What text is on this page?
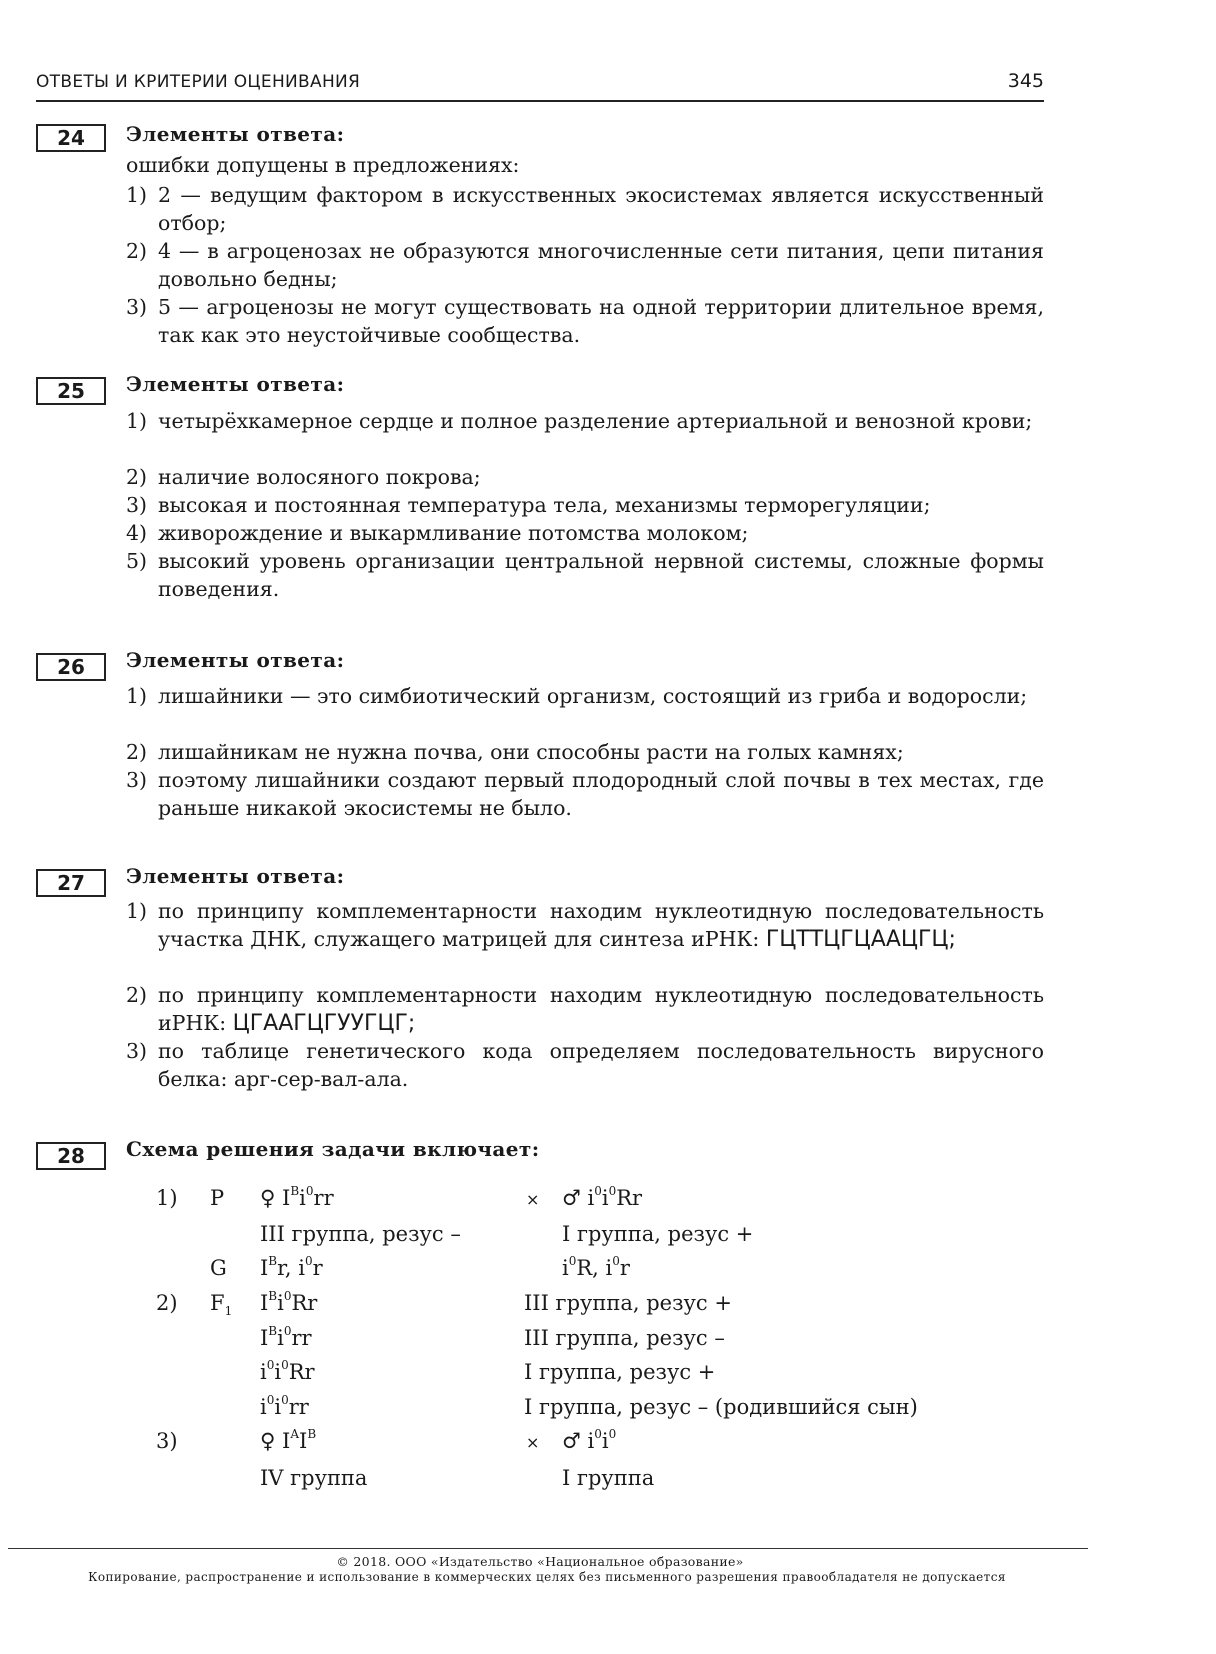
ОТВЕТЫ И КРИТЕРИИ ОЦЕНИВАНИЯ	345
24	Элементы ответа:
ошибки допущены в предложениях:
1) 2 — ведущим фактором в искусственных экосистемах является искусственный отбор;
2) 4 — в агроценозах не образуются многочисленные сети питания, цепи питания довольно бедны;
3) 5 — агроценозы не могут существовать на одной территории длительное время, так как это неустойчивые сообщества.
25	Элементы ответа:
1) четырёхкамерное сердце и полное разделение артериальной и венозной крови;
2) наличие волосяного покрова;
3) высокая и постоянная температура тела, механизмы терморегуляции;
4) живорождение и выкармливание потомства молоком;
5) высокий уровень организации центральной нервной системы, сложные формы поведения.
26	Элементы ответа:
1) лишайники — это симбиотический организм, состоящий из гриба и водоросли;
2) лишайникам не нужна почва, они способны расти на голых камнях;
3) поэтому лишайники создают первый плодородный слой почвы в тех местах, где раньше никакой экосистемы не было.
27	Элементы ответа:
1) по принципу комплементарности находим нуклеотидную последовательность участка ДНК, служащего матрицей для синтеза иРНК: ГЦТТЦГЦААЦГЦ;
2) по принципу комплементарности находим нуклеотидную последовательность иРНК: ЦГААГЦГУУГЦГ;
3) по таблице генетического кода определяем последовательность вирусного белка: арг-сер-вал-ала.
28	Схема решения задачи включает:
1) P ♀ $I^Bi^0rr$	× ♂ $i^0i^0Rr$
III группа, резус –	I группа, резус +
G $I^Br$, $i^0r$	$i^0R$, $i^0r$
2) $F_1$ $I^Bi^0Rr$	III группа, резус +
$I^Bi^0rr$	III группа, резус –
$i^0i^0Rr$	I группа, резус +
$i^0i^0rr$	I группа, резус – (родившийся сын)
3)	♀ $I^AI^B$	× ♂ $i^0i^0$
IV группа	I группа
© 2018. ООО «Издательство «Национальное образование»
Копирование, распространение и использование в коммерческих целях без письменного разрешения правообладателя не допускается
